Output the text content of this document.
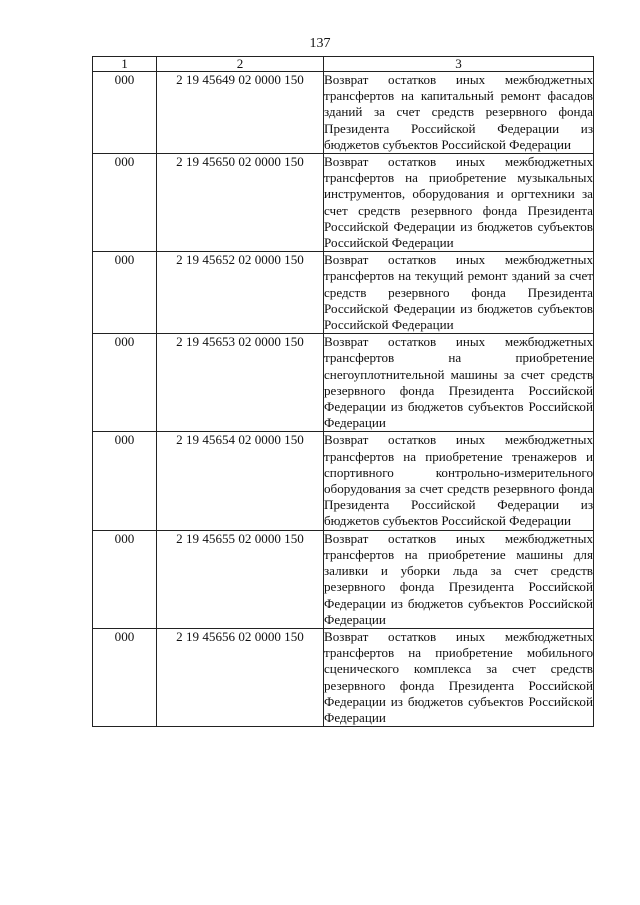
137
1	2	3
000	2 19 45649 02 0000 150	Возврат остатков иных межбюджетных трансфертов на капитальный ремонт фасадов зданий за счет средств резервного фонда Президента Российской Федерации из бюджетов субъектов Российской Федерации
000	2 19 45650 02 0000 150	Возврат остатков иных межбюджетных трансфертов на приобретение музыкальных инструментов, оборудования и оргтехники за счет средств резервного фонда Президента Российской Федерации из бюджетов субъектов Российской Федерации
000	2 19 45652 02 0000 150	Возврат остатков иных межбюджетных трансфертов на текущий ремонт зданий за счет средств резервного фонда Президента Российской Федерации из бюджетов субъектов Российской Федерации
000	2 19 45653 02 0000 150	Возврат остатков иных межбюджетных трансфертов на приобретение снегоуплотнительной машины за счет средств резервного фонда Президента Российской Федерации из бюджетов субъектов Российской Федерации
000	2 19 45654 02 0000 150	Возврат остатков иных межбюджетных трансфертов на приобретение тренажеров и спортивного контрольно-измерительного оборудования за счет средств резервного фонда Президента Российской Федерации из бюджетов субъектов Российской Федерации
000	2 19 45655 02 0000 150	Возврат остатков иных межбюджетных трансфертов на приобретение машины для заливки и уборки льда за счет средств резервного фонда Президента Российской Федерации из бюджетов субъектов Российской Федерации
000	2 19 45656 02 0000 150	Возврат остатков иных межбюджетных трансфертов на приобретение мобильного сценического комплекса за счет средств резервного фонда Президента Российской Федерации из бюджетов субъектов Российской Федерации
